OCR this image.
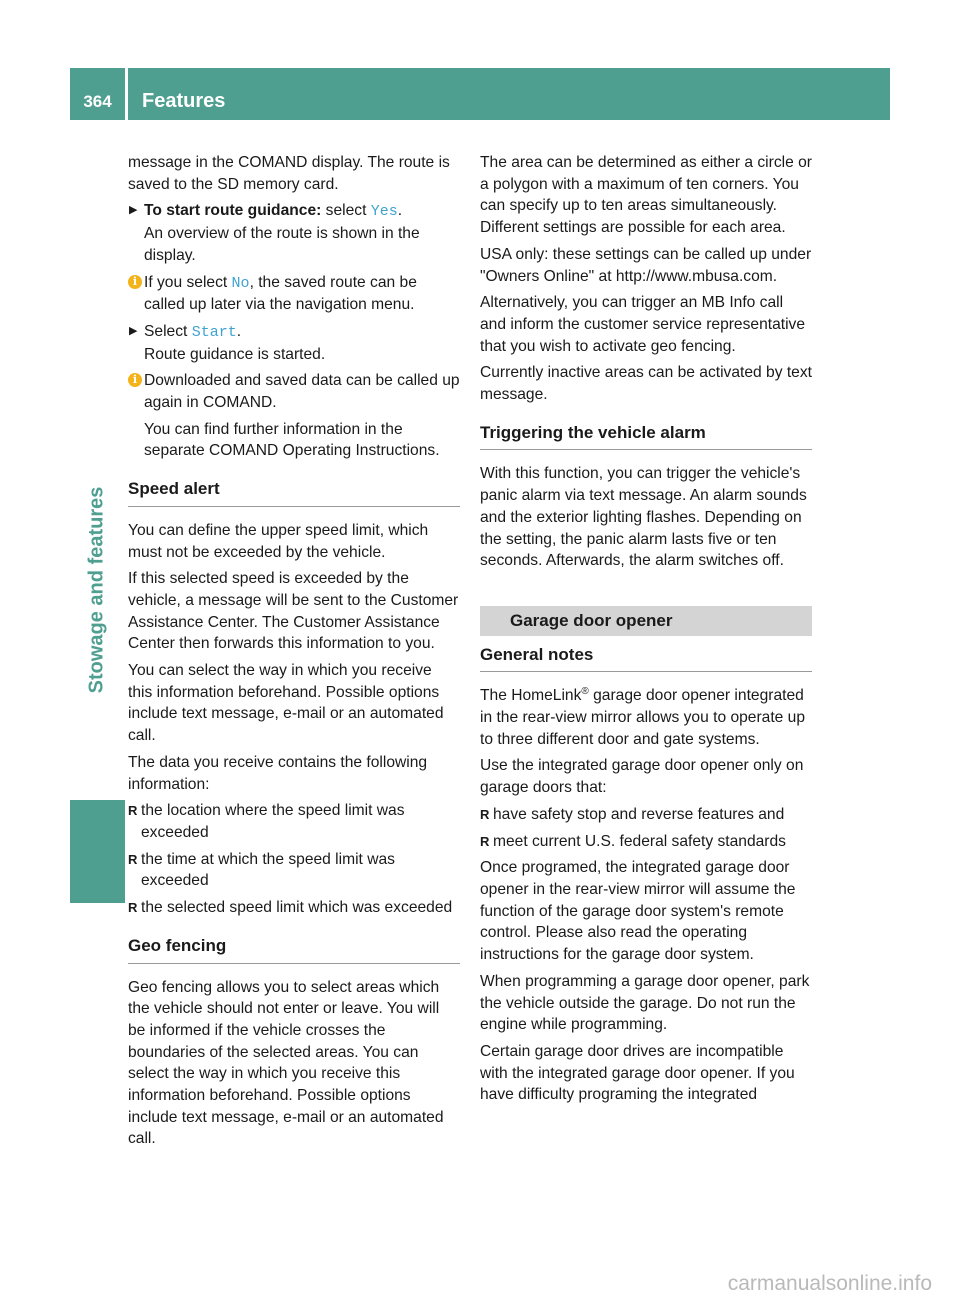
364	Features
Stowage and features

message in the COMAND display. The route is saved to the SD memory card.

▶ To start route guidance: select Yes.
An overview of the route is shown in the display.
i If you select No, the saved route can be called up later via the navigation menu.
▶ Select Start.
Route guidance is started.
i Downloaded and saved data can be called up again in COMAND.

You can find further information in the separate COMAND Operating Instructions.

Speed alert

You can define the upper speed limit, which must not be exceeded by the vehicle.

If this selected speed is exceeded by the vehicle, a message will be sent to the Customer Assistance Center. The Customer Assistance Center then forwards this information to you.

You can select the way in which you receive this information beforehand. Possible options include text message, e-mail or an automated call.

The data you receive contains the following information:

R the location where the speed limit was exceeded
R the time at which the speed limit was exceeded
R the selected speed limit which was exceeded
Geo fencing

Geo fencing allows you to select areas which the vehicle should not enter or leave. You will be informed if the vehicle crosses the boundaries of the selected areas. You can select the way in which you receive this information beforehand. Possible options include text message, e-mail or an automated call.

The area can be determined as either a circle or a polygon with a maximum of ten corners. You can specify up to ten areas simultaneously. Different settings are possible for each area.

USA only: these settings can be called up under "Owners Online" at http://www.mbusa.com.

Alternatively, you can trigger an MB Info call and inform the customer service representative that you wish to activate geo fencing.

Currently inactive areas can be activated by text message.

Triggering the vehicle alarm

With this function, you can trigger the vehicle's panic alarm via text message. An alarm sounds and the exterior lighting flashes. Depending on the setting, the panic alarm lasts five or ten seconds. Afterwards, the alarm switches off.

Garage door opener
General notes

The HomeLink® garage door opener integrated in the rear-view mirror allows you to operate up to three different door and gate systems.

Use the integrated garage door opener only on garage doors that:

R have safety stop and reverse features and
R meet current U.S. federal safety standards

Once programed, the integrated garage door opener in the rear-view mirror will assume the function of the garage door system's remote control. Please also read the operating instructions for the garage door system.

When programming a garage door opener, park the vehicle outside the garage. Do not run the engine while programming.

Certain garage door drives are incompatible with the integrated garage door opener. If you have difficulty programing the integrated

carmanualsonline.info
